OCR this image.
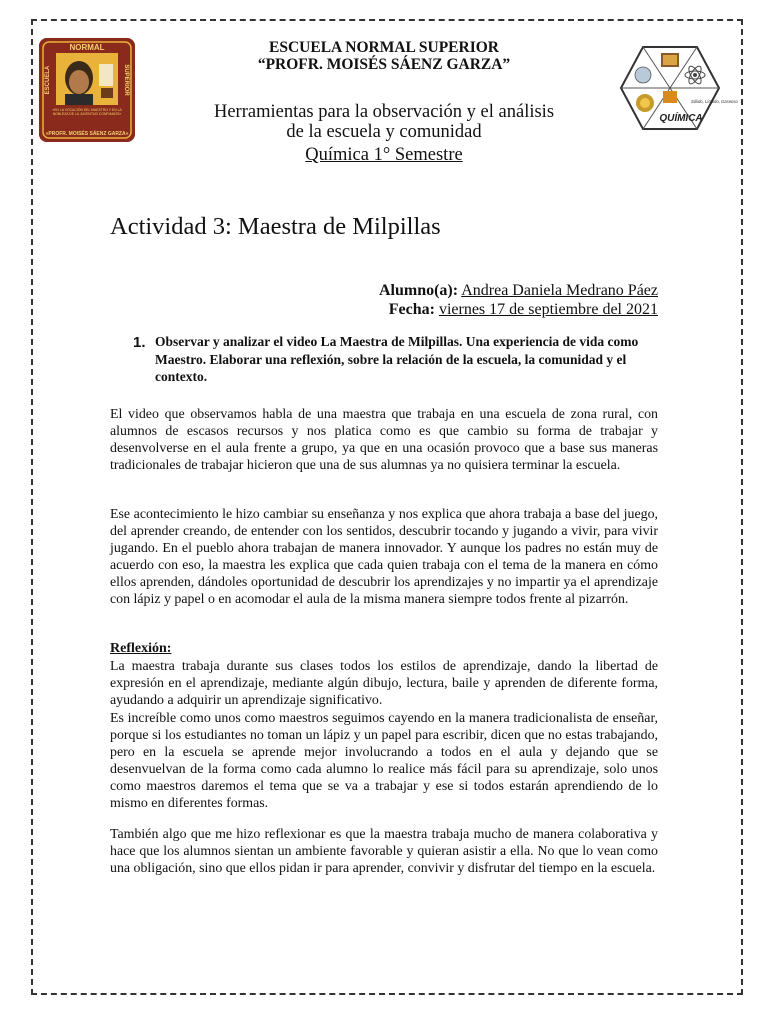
NORMAL
ESCUELA	SUPERIOR
«EN LA VOCACIÓN DEL MAESTRO Y EN LA NOBLEZA DE LA JUVENTUD CONFIAMOS»
«PROFR. MOISÉS SÁENZ GARZA»
Sólido, Líquido, Gaseoso
QUÍMICA
ESCUELA NORMAL SUPERIOR
“PROFR. MOISÉS SÁENZ GARZA”
Herramientas para la observación y el análisis
de la escuela y comunidad
Química 1° Semestre
Actividad 3: Maestra de Milpillas
Alumno(a): Andrea Daniela Medrano Páez
Fecha: viernes 17 de septiembre del 2021
1. Observar y analizar el video La Maestra de Milpillas. Una experiencia de vida como Maestro. Elaborar una reflexión, sobre la relación de la escuela, la comunidad y el contexto.
El video que observamos habla de una maestra que trabaja en una escuela de zona rural, con alumnos de escasos recursos y nos platica como es que cambio su forma de trabajar y desenvolverse en el aula frente a grupo, ya que en una ocasión provoco que a base sus maneras tradicionales de trabajar hicieron que una de sus alumnas ya no quisiera terminar la escuela.
Ese acontecimiento le hizo cambiar su enseñanza y nos explica que ahora trabaja a base del juego, del aprender creando, de entender con los sentidos, descubrir tocando y jugando a vivir, para vivir jugando. En el pueblo ahora trabajan de manera innovador. Y aunque los padres no están muy de acuerdo con eso, la maestra les explica que cada quien trabaja con el tema de la manera en cómo ellos aprenden, dándoles oportunidad de descubrir los aprendizajes y no impartir ya el aprendizaje con lápiz y papel o en acomodar el aula de la misma manera siempre todos frente al pizarrón.
Reflexión:
La maestra trabaja durante sus clases todos los estilos de aprendizaje, dando la libertad de expresión en el aprendizaje, mediante algún dibujo, lectura, baile y aprenden de diferente forma, ayudando a adquirir un aprendizaje significativo.
Es increíble como unos como maestros seguimos cayendo en la manera tradicionalista de enseñar, porque si los estudiantes no toman un lápiz y un papel para escribir, dicen que no estas trabajando, pero en la escuela se aprende mejor involucrando a todos en el aula y dejando que se desenvuelvan de la forma como cada alumno lo realice más fácil para su aprendizaje, solo unos como maestros daremos el tema que se va a trabajar y ese si todos estarán aprendiendo de lo mismo en diferentes formas.
También algo que me hizo reflexionar es que la maestra trabaja mucho de manera colaborativa y hace que los alumnos sientan un ambiente favorable y quieran asistir a ella. No que lo vean como una obligación, sino que ellos pidan ir para aprender, convivir y disfrutar del tiempo en la escuela.
